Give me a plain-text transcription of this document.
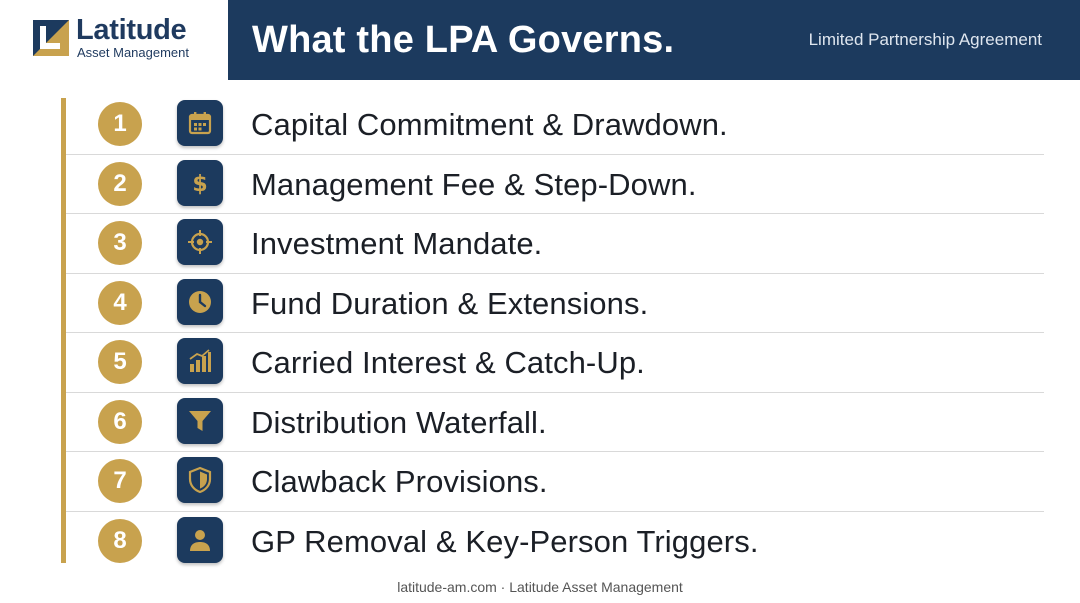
Latitude
Asset Management What the LPA Governs.	Limited Partnership Agreement
1	Capital Commitment & Drawdown.
2	$ Management Fee & Step-Down.
3	Investment Mandate.
4	Fund Duration & Extensions.
5	Carried Interest & Catch-Up.
6	Distribution Waterfall.
7	Clawback Provisions.
8	GP Removal & Key-Person Triggers.
latitude-am.com · Latitude Asset Management
